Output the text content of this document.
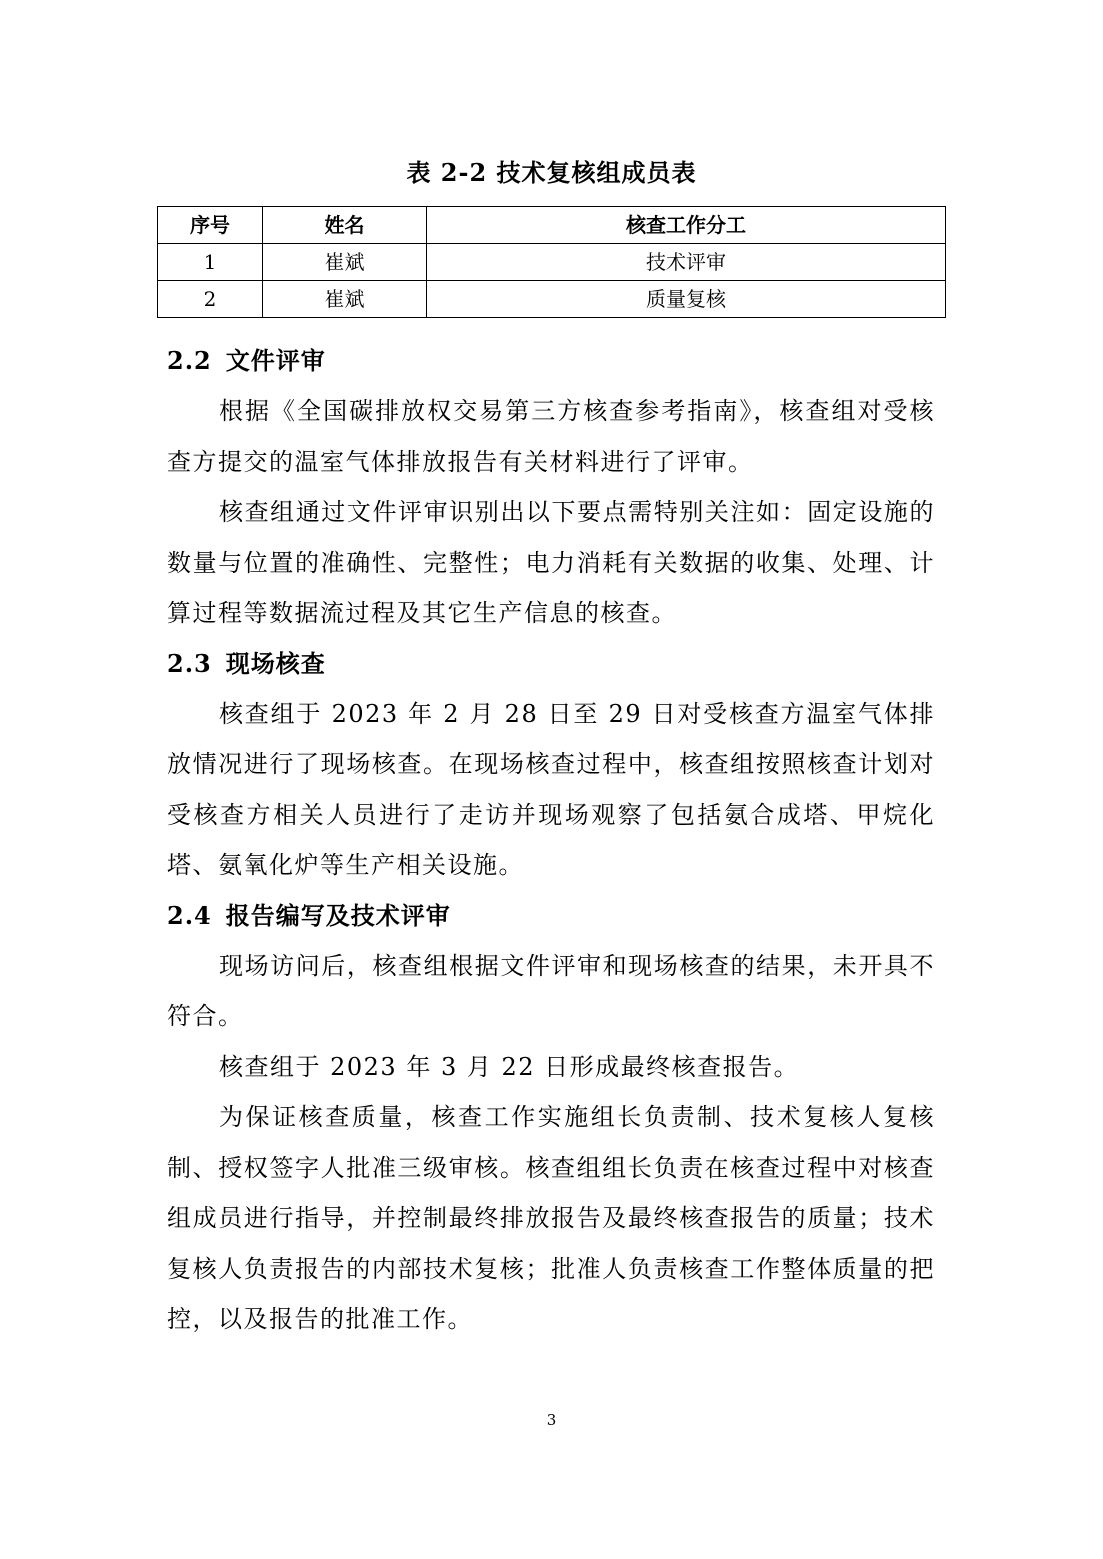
表 2-2 技术复核组成员表
序号	姓名	核查工作分工
1	崔斌	技术评审
2	崔斌	质量复核
2.2 文件评审

根据《全国碳排放权交易第三方核查参考指南》，核查组对受核查方提交的温室气体排放报告有关材料进行了评审。

核查组通过文件评审识别出以下要点需特别关注如：固定设施的数量与位置的准确性、完整性；电力消耗有关数据的收集、处理、计算过程等数据流过程及其它生产信息的核查。

2.3 现场核查

核查组于 2023 年 2 月 28 日至 29 日对受核查方温室气体排放情况进行了现场核查。在现场核查过程中，核查组按照核查计划对受核查方相关人员进行了走访并现场观察了包括氨合成塔、甲烷化塔、氨氧化炉等生产相关设施。

2.4 报告编写及技术评审

现场访问后，核查组根据文件评审和现场核查的结果，未开具不符合。

核查组于 2023 年 3 月 22 日形成最终核查报告。

为保证核查质量，核查工作实施组长负责制、技术复核人复核制、授权签字人批准三级审核。核查组组长负责在核查过程中对核查组成员进行指导，并控制最终排放报告及最终核查报告的质量；技术复核人负责报告的内部技术复核；批准人负责核查工作整体质量的把控，以及报告的批准工作。

3
